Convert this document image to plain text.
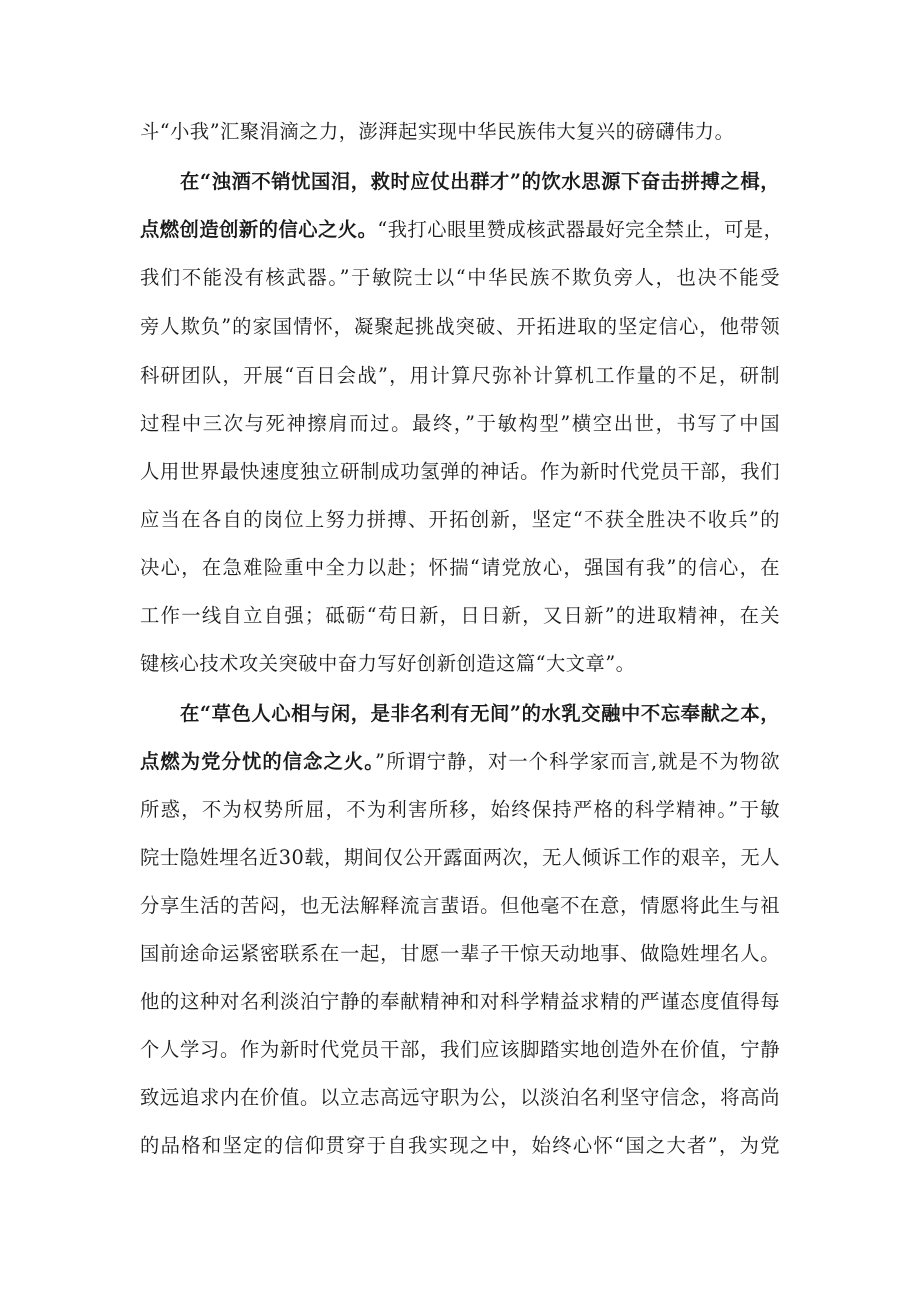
斗“小我”汇聚涓滴之力，澎湃起实现中华民族伟大复兴的磅礴伟力。
在“浊酒不销忧国泪，救时应仗出群才”的饮水思源下奋击拼搏之楫，
点燃创造创新的信心之火。“我打心眼里赞成核武器最好完全禁止，可是，
我们不能没有核武器。”于敏院士以“中华民族不欺负旁人，也决不能受
旁人欺负”的家国情怀，凝聚起挑战突破、开拓进取的坚定信心，他带领
科研团队，开展“百日会战”，用计算尺弥补计算机工作量的不足，研制
过程中三次与死神擦肩而过。最终，”于敏构型”横空出世，书写了中国
人用世界最快速度独立研制成功氢弹的神话。作为新时代党员干部，我们
应当在各自的岗位上努力拼搏、开拓创新，坚定“不获全胜决不收兵”的
决心，在急难险重中全力以赴；怀揣“请党放心，强国有我”的信心，在
工作一线自立自强；砥砺“苟日新，日日新，又日新”的进取精神，在关
键核心技术攻关突破中奋力写好创新创造这篇“大文章”。
在“草色人心相与闲，是非名利有无间”的水乳交融中不忘奉献之本，
点燃为党分忧的信念之火。”所谓宁静，对一个科学家而言,就是不为物欲
所惑，不为权势所屈，不为利害所移，始终保持严格的科学精神。”于敏
院士隐姓埋名近30载，期间仅公开露面两次，无人倾诉工作的艰辛，无人
分享生活的苦闷，也无法解释流言蜚语。但他毫不在意，情愿将此生与祖
国前途命运紧密联系在一起，甘愿一辈子干惊天动地事、做隐姓埋名人。
他的这种对名利淡泊宁静的奉献精神和对科学精益求精的严谨态度值得每
个人学习。作为新时代党员干部，我们应该脚踏实地创造外在价值，宁静
致远追求内在价值。以立志高远守职为公，以淡泊名利坚守信念，将高尚
的品格和坚定的信仰贯穿于自我实现之中，始终心怀“国之大者”，为党
